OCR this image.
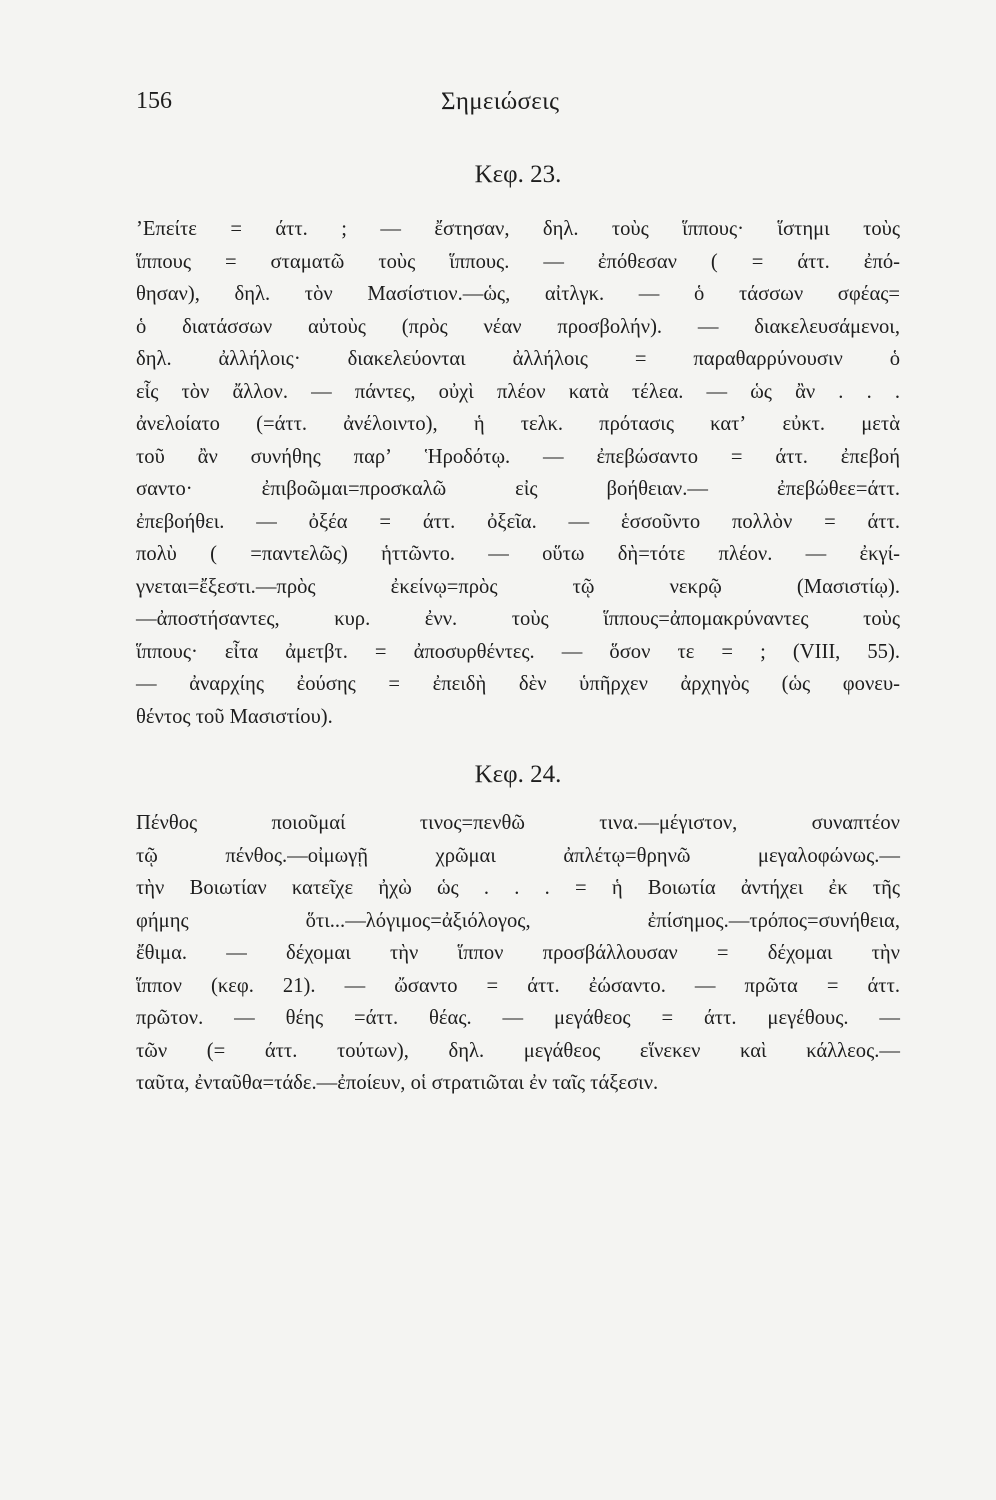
156	Σημειώσεις
Κεφ. 23.
ʼΕπείτε = άττ. ; — ἔστησαν, δηλ. τοὺς ἵππους· ἵστημι τοὺς
ἵππους = σταματῶ τοὺς ἵππους. — ἐπόθεσαν ( = άττ. ἐπό-
θησαν), δηλ. τὸν Μασίστιον.—ὡς, αἰτλγκ. — ὁ τάσσων σφέας=
ὁ διατάσσων αὐτοὺς (πρὸς νέαν προσβολήν). — διακελευσάμενοι,
δηλ. ἀλλήλοις· διακελεύονται ἀλλήλοις = παραθαρρύνουσιν ὁ
εἷς τὸν ἄλλον. — πάντες, οὐχὶ πλέον κατὰ τέλεα. — ὡς ἂν . . .
ἀνελοίατο (=άττ. ἀνέλοιντο), ἡ τελκ. πρότασις κατʼ εὐκτ. μετὰ
τοῦ ἂν συνήθης παρʼ Ἡροδότῳ. — ἐπεβώσαντο = άττ. ἐπεβοή
σαντο· ἐπιβοῶμαι=προσκαλῶ εἰς βοήθειαν.— ἐπεβώθεε=άττ.
ἐπεβοήθει. — ὀξέα = άττ. ὀξεῖα. — ἑσσοῦντο πολλὸν = άττ.
πολὺ ( =παντελῶς) ἡττῶντο. — οὕτω δὴ=τότε πλέον. — ἐκγί-
γνεται=ἔξεστι.—πρὸς ἐκείνῳ=πρὸς τῷ νεκρῷ (Μασιστίῳ).
—ἀποστήσαντες, κυρ. ἐνν. τοὺς ἵππους=ἀπομακρύναντες τοὺς
ἵππους· εἶτα ἀμετβτ. = ἀποσυρθέντες. — ὅσον τε = ; (VIII, 55).
— ἀναρχίης ἐούσης = ἐπειδὴ δὲν ὑπῆρχεν ἀρχηγὸς (ὡς φονευ-
θέντος τοῦ Μασιστίου).
Κεφ. 24.
Πένθος ποιοῦμαί τινος=πενθῶ τινα.—μέγιστον, συναπτέον
τῷ πένθος.—οἰμωγῇ χρῶμαι ἀπλέτῳ=θρηνῶ μεγαλοφώνως.—
τὴν Βοιωτίαν κατεῖχε ἠχὼ ὡς . . . = ἡ Βοιωτία ἀντήχει ἐκ τῆς
φήμης ὅτι...—λόγιμος=ἀξιόλογος, ἐπίσημος.—τρόπος=συνήθεια,
ἔθιμα. — δέχομαι τὴν ἵππον προσβάλλουσαν = δέχομαι τὴν
ἵππον (κεφ. 21). — ὤσαντο = άττ. ἐώσαντο. — πρῶτα = άττ.
πρῶτον. — θέης =άττ. θέας. — μεγάθεος = άττ. μεγέθους. —
τῶν (= άττ. τούτων), δηλ. μεγάθεος εἵνεκεν καὶ κάλλεος.—
ταῦτα, ἐνταῦθα=τάδε.—ἐποίευν, οἱ στρατιῶται ἐν ταῖς τάξεσιν.
